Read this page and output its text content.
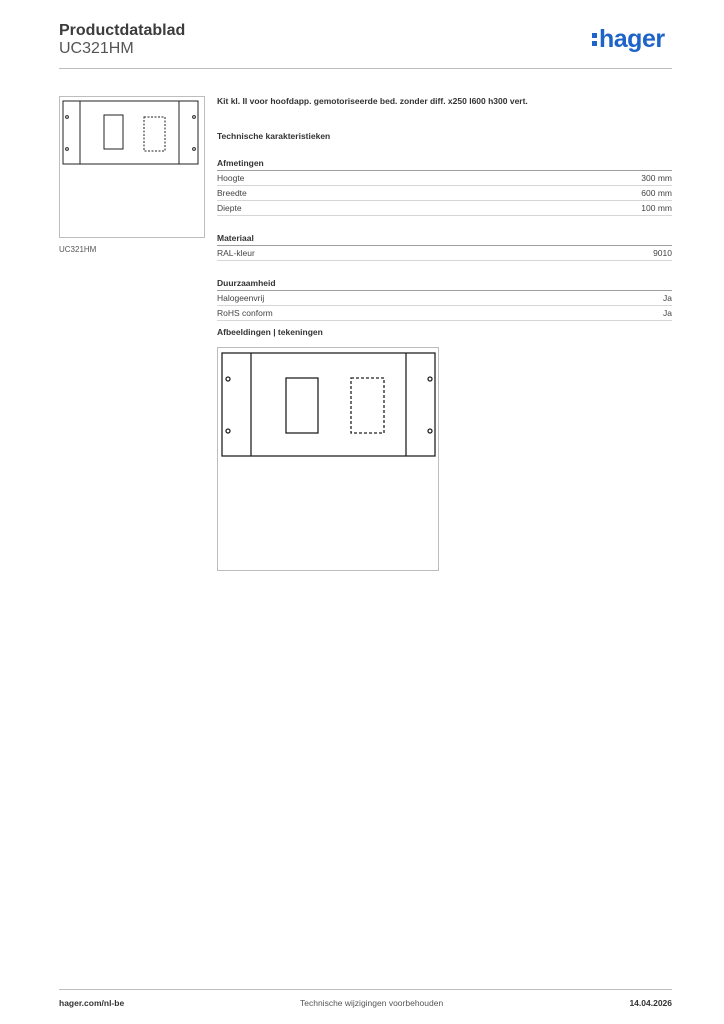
Productdatablad
UC321HM	hager
UC321HM
Kit kl. II voor hoofdapp. gemotoriseerde bed. zonder diff. x250 l600 h300 vert.
Technische karakteristieken
Afmetingen
Hoogte	300 mm
Breedte	600 mm
Diepte	100 mm
Materiaal
RAL-kleur	9010
Duurzaamheid
Halogeenvrij	Ja
RoHS conform	Ja
Afbeeldingen | tekeningen
hager.com/nl-be	Technische wijzigingen voorbehouden	14.04.2026
